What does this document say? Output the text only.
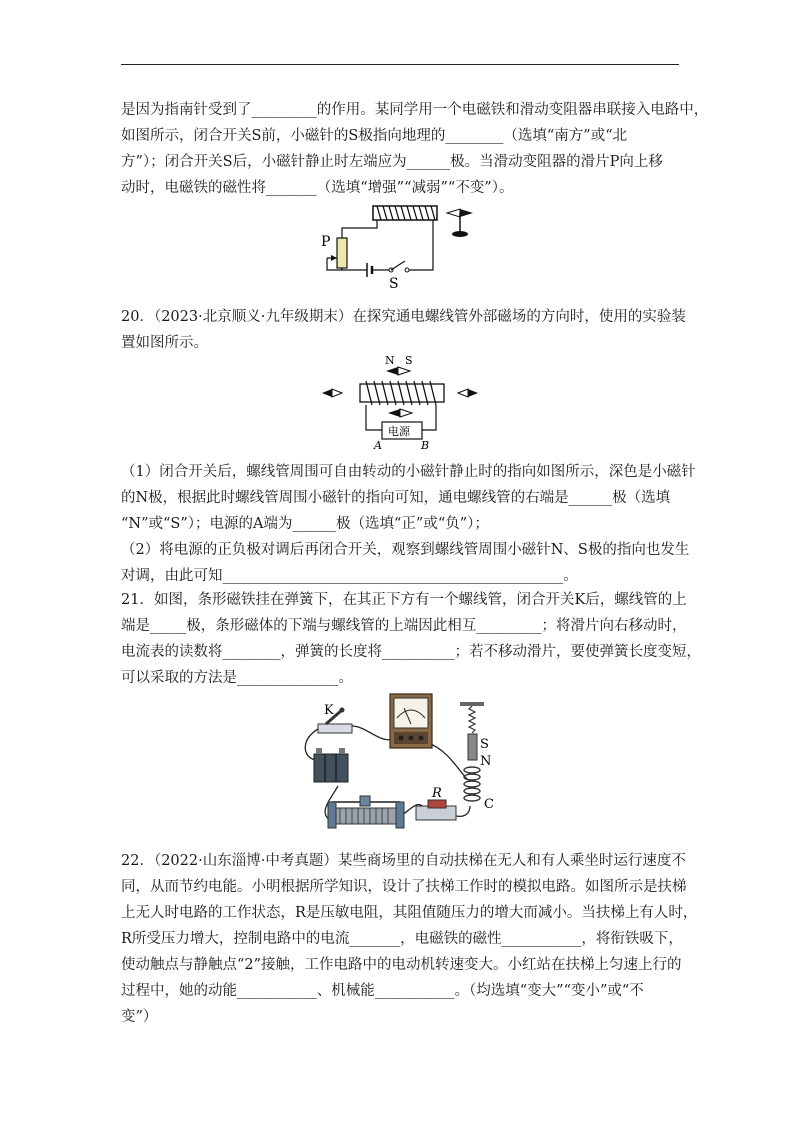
是因为指南针受到了_________的作用。某同学用一个电磁铁和滑动变阻器串联接入电路中，
如图所示，闭合开关S前，小磁针的S极指向地理的________（选填“南方”或“北
方”）；闭合开关S后，小磁针静止时左端应为______极。当滑动变阻器的滑片P向上移
动时，电磁铁的磁性将_______（选填“增强”“减弱”“不变”）。
P
S
20．（2023·北京顺义·九年级期末）在探究通电螺线管外部磁场的方向时，使用的实验装
置如图所示。
N S
电源
A	B
（1）闭合开关后，螺线管周围可自由转动的小磁针静止时的指向如图所示，深色是小磁针
的N极，根据此时螺线管周围小磁针的指向可知，通电螺线管的右端是______极（选填
“N”或“S”）；电源的A端为______极（选填“正”或“负”）；
（2）将电源的正负极对调后再闭合开关，观察到螺线管周围小磁针N、S极的指向也发生
对调，由此可知_______________________________________________。
21．如图，条形磁铁挂在弹簧下，在其正下方有一个螺线管，闭合开关K后，螺线管的上
端是_____极，条形磁体的下端与螺线管的上端因此相互_________；将滑片向右移动时，
电流表的读数将________，弹簧的长度将__________；若不移动滑片，要使弹簧长度变短，
可以采取的方法是______________。
K
S
N
C
R
22．（2022·山东淄博·中考真题）某些商场里的自动扶梯在无人和有人乘坐时运行速度不
同，从而节约电能。小明根据所学知识，设计了扶梯工作时的模拟电路。如图所示是扶梯
上无人时电路的工作状态，R是压敏电阻，其阻值随压力的增大而减小。当扶梯上有人时，
R所受压力增大，控制电路中的电流_______，电磁铁的磁性___________，将衔铁吸下，
使动触点与静触点“2”接触，工作电路中的电动机转速变大。小红站在扶梯上匀速上行的
过程中，她的动能___________、机械能___________。（均选填“变大”“变小”或“不
变”）
